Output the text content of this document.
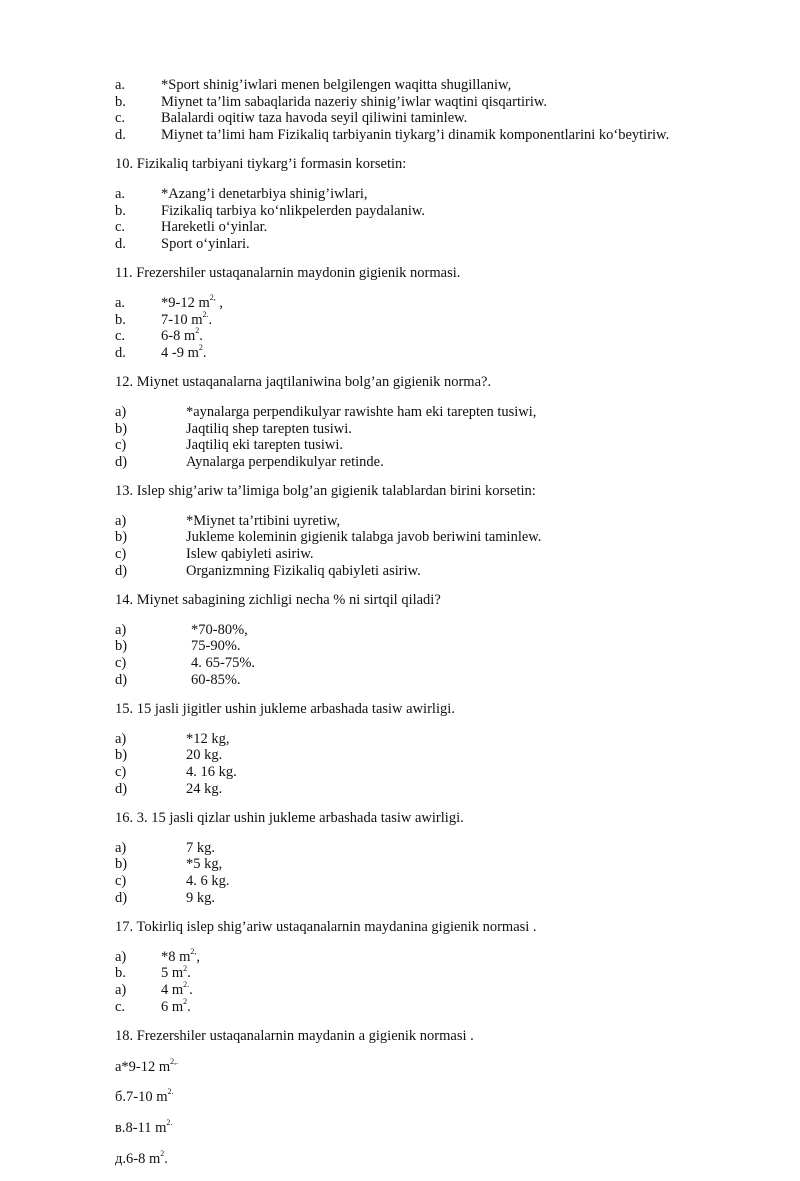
a. *Sport shinig’iwlari menen belgilengen waqitta shugillaniw,
b. Miynet ta’lim sabaqlarida nazeriy shinig’iwlar waqtini qisqartiriw.
c. Balalardi oqitiw taza havoda seyil qiliwini taminlew.
d. Miynet ta’limi ham Fizikaliq tarbiyanin tiykarg’i dinamik komponentlarini ko‘beytiriw.
10. Fizikaliq tarbiyani tiykarg’i formasin korsetin:
a. *Azang’i denetarbiya shinig’iwlari,
b. Fizikaliq tarbiya ko‘nlikpelerden paydalaniw.
c. Hareketli o‘yinlar.
d. Sport o‘yinlari.
11. Frezershiler ustaqanalarnin maydonin gigienik normasi.
a. *9-12 $m^{2,}$ ,
b. 7-10 $m^{2.}$.
c. 6-8 $m^2$.
d. 4 -9 $m^2$.
12. Miynet ustaqanalarna jaqtilaniwina bolg’an gigienik norma?.
a)	*aynalarga perpendikulyar rawishte ham eki tarepten tusiwi,
b)	Jaqtiliq shep tarepten tusiwi.
c)	Jaqtiliq eki tarepten tusiwi.
d)	Aynalarga perpendikulyar retinde.
13. Islep shig’ariw ta’limiga bolg’an gigienik talablardan birini korsetin:
a)	*Miynet ta’rtibini uyretiw,
b)	Jukleme koleminin gigienik talabga javob beriwini taminlew.
c)	Islew qabiyleti asiriw.
d)	Organizmning Fizikaliq qabiyleti asiriw.
14. Miynet sabagining zichligi necha % ni sirtqil qiladi?
a)	*70-80%,
b)	75-90%.
c)	4. 65-75%.
d)	60-85%.
15. 15 jasli jigitler ushin jukleme arbashada tasiw awirligi.
a)	*12 kg,
b)	20 kg.
c)	4. 16 kg.
d)	24 kg.
16. 3. 15 jasli qizlar ushin jukleme arbashada tasiw awirligi.
a)	7 kg.
b)	*5 kg,
c)	4. 6 kg.
d)	9 kg.
17. Tokirliq islep shig’ariw ustaqanalarnin maydanina gigienik normasi .
a) *8 $m^{2,}$,
b. 5 $m^2$.
a) 4 $m^{2.}$.
c. 6 $m^2$.
18. Frezershiler ustaqanalarnin maydanin a gigienik normasi .
а*9-12 $m^{2,.}$
б.7-10 $m^{2.}$
в.8-11 $m^{2.}$
д.6-8 $m^2$.
